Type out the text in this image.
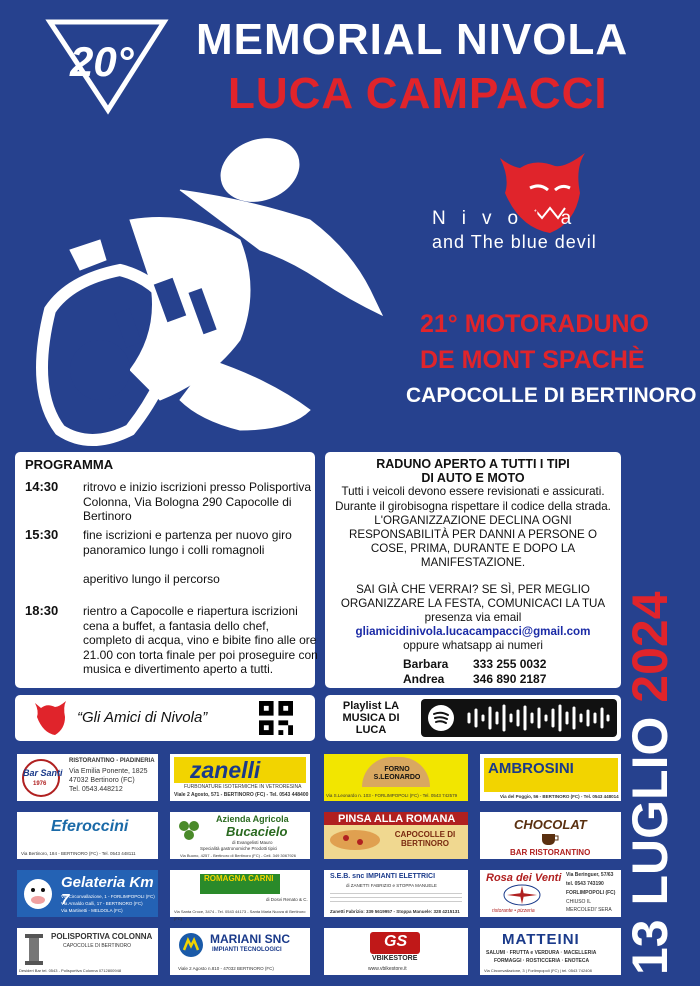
20° MEMORIAL NIVOLA
LUCA CAMPACCI
NivoLa
and The blue devil
21° MOTORADUNO
DE MONT SPACHÈ
CAPOCOLLE DI BERTINORO
PROGRAMMA
14:30	ritrovo e inizio iscrizioni presso Polisportiva Colonna, Via Bologna 290 Capocolle di Bertinoro
15:30	fine iscrizioni e partenza per nuovo giro panoramico lungo i colli romagnoli
aperitivo lungo il percorso
18:30	rientro a Capocolle e riapertura iscrizioni cena a buffet, a fantasia dello chef, completo di acqua, vino e bibite fino alle ore 21.00 con torta finale per poi proseguire con musica e divertimento aperto a tutti.
RADUNO APERTO A TUTTI I TIPI
DI AUTO E MOTO
Tutti i veicoli devono essere revisionati e assicurati. Durante il girobisogna rispettare il codice della strada.
L'ORGANIZZAZIONE DECLINA OGNI RESPONSABILITÀ PER DANNI A PERSONE O COSE, PRIMA, DURANTE E DOPO LA MANIFESTAZIONE.
SAI GIÀ CHE VERRAI? SE SÌ, PER MEGLIO ORGANIZZARE LA FESTA, COMUNICACI LA TUA
presenza via email
gliamicidinivola.lucacampacci@gmail.com
oppure whatsapp ai numeri
Barbara 333 255 0032
Andrea 346 890 2187
13 LUGLIO 2024
“Gli Amici di Nivola”
Playlist LA MUSICA DI LUCA
Bar Santi
1976
RISTORANTINO - PIADINERIA
Via Emilia Ponente, 1825
47032 Bertinoro (FC)
Tel. 0543.448212
zanelli
FURBONATURE ISOTERMICHE IN VETRORESINA
Viale 2 Agosto, 571 - BERTINORO (FC) - Tel. 0543 448400
FORNO S.LEONARDO
Via S.Leonardo n. 103 - FORLIMPOPOLI (FC) - Tel. 0543 742579
AMBROSINI
Via del Poggio, 56 - BERTINORO (FC) - Tel. 0543 448014
Eferoccini
Via Bertinoro, 184 - BERTINORO (FC) - Tel. 0543 448111
Azienda Agricola
Bucacielo
di Evangelisti Mauro
Specialità gastronomiche Prodotti tipici
Via Buono, 4257 - Bertinoro di Bertinoro (FC) - Cell. 349 3067926
PINSA ALLA ROMANA
CAPOCOLLE DI BERTINORO
CHOCOLAT
BAR RISTORANTINO
Gelateria Km 7
Via Circonvallazione, 1 - FORLIMPOPOLI (FC)
Via Arnaldo Galli, 17 - BERTINORO (FC)
Via Martinetti - MELDOLA (FC)
ROMAGNA CARNI
di Dosvi Renato & C.
Via Santa Croce, 3474 - Tel. 0543 44173 - Santa Maria Nuova di Bertinoro (FC)
S.E.B. snc IMPIANTI ELETTRICI
di ZANETTI FABRIZIO e STOPPA MANUELE
Zanetti Fabrizio: 339 5619957 - Stoppa Manuele: 328 4215131
Rosa dei Venti
ristorante • pizzeria
Via Beringuer, 57/63
tel. 0543 743190
FORLIMPOPOLI (FC)
CHIUSO IL
MERCOLEDI' SERA
POLISPORTIVA COLONNA
CAPOCOLLE DI BERTINORO
Desideri Bar tel. 0543 - Polisportiva Colonna 0712800948
MARIANI SNC
IMPIANTI TECNOLOGICI
Viale 2 Agosto n.810 - 47032 BERTINORO (FC)
GS
VBIKESTORE
www.vbikestore.it
MATTEINI
SALUMI · FRUTTA e VERDURA · MACELLERIA
FORMAGGI · ROSTICCERIA · ENOTECA
Via Circonvallazione, 3 | Forlimpopoli (FC) | tel. 0543 742408
